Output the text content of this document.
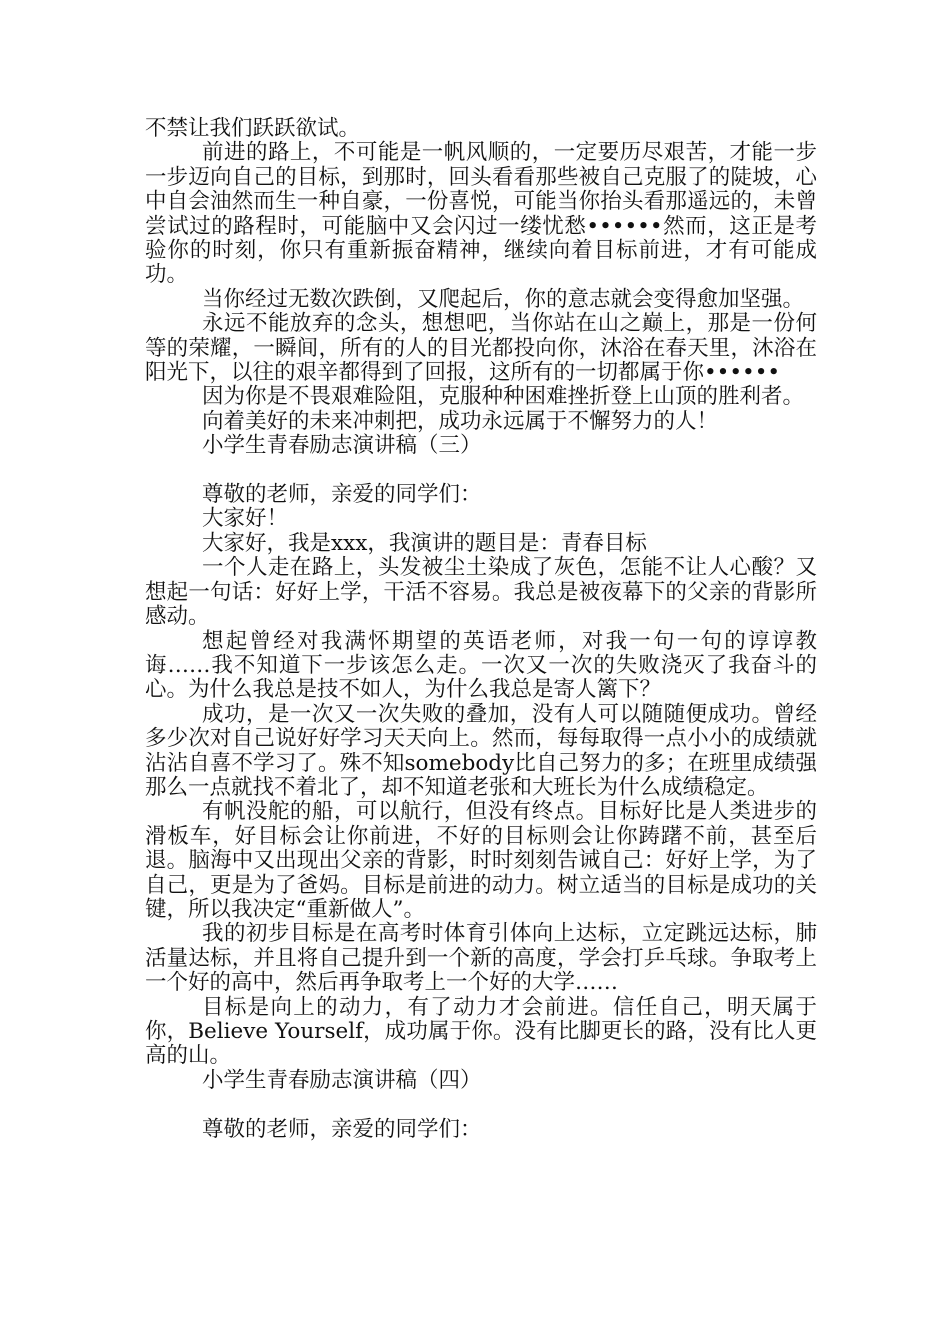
不禁让我们跃跃欲试。

前进的路上，不可能是一帆风顺的，一定要历尽艰苦，才能一步一步迈向自己的目标，到那时，回头看看那些被自己克服了的陡坡，心中自会油然而生一种自豪，一份喜悦，可能当你抬头看那遥远的，未曾尝试过的路程时，可能脑中又会闪过一缕忧愁••••••然而，这正是考验你的时刻，你只有重新振奋精神，继续向着目标前进，才有可能成功。

当你经过无数次跌倒，又爬起后，你的意志就会变得愈加坚强。

永远不能放弃的念头，想想吧，当你站在山之巅上，那是一份何等的荣耀，一瞬间，所有的人的目光都投向你，沐浴在春天里，沐浴在阳光下，以往的艰辛都得到了回报，这所有的一切都属于你••••••

因为你是不畏艰难险阻，克服种种困难挫折登上山顶的胜利者。

向着美好的未来冲刺把，成功永远属于不懈努力的人！

小学生青春励志演讲稿（三）

尊敬的老师，亲爱的同学们：

大家好！

大家好，我是xxx，我演讲的题目是：青春目标

一个人走在路上，头发被尘土染成了灰色，怎能不让人心酸？又想起一句话：好好上学，干活不容易。我总是被夜幕下的父亲的背影所感动。

想起曾经对我满怀期望的英语老师，对我一句一句的谆谆教诲……我不知道下一步该怎么走。一次又一次的失败浇灭了我奋斗的心。为什么我总是技不如人，为什么我总是寄人篱下？

成功，是一次又一次失败的叠加，没有人可以随随便成功。曾经多少次对自己说好好学习天天向上。然而，每每取得一点小小的成绩就沾沾自喜不学习了。殊不知somebody比自己努力的多；在班里成绩强那么一点就找不着北了，却不知道老张和大班长为什么成绩稳定。

有帆没舵的船，可以航行，但没有终点。目标好比是人类进步的滑板车，好目标会让你前进，不好的目标则会让你踌躇不前，甚至后退。脑海中又出现出父亲的背影，时时刻刻告诫自己：好好上学，为了自己，更是为了爸妈。目标是前进的动力。树立适当的目标是成功的关键，所以我决定“重新做人”。

我的初步目标是在高考时体育引体向上达标，立定跳远达标，肺活量达标，并且将自己提升到一个新的高度，学会打乒乓球。争取考上一个好的高中，然后再争取考上一个好的大学……

目标是向上的动力，有了动力才会前进。信任自己，明天属于你，Believe Yourself，成功属于你。没有比脚更长的路，没有比人更高的山。

小学生青春励志演讲稿（四）

尊敬的老师，亲爱的同学们：
